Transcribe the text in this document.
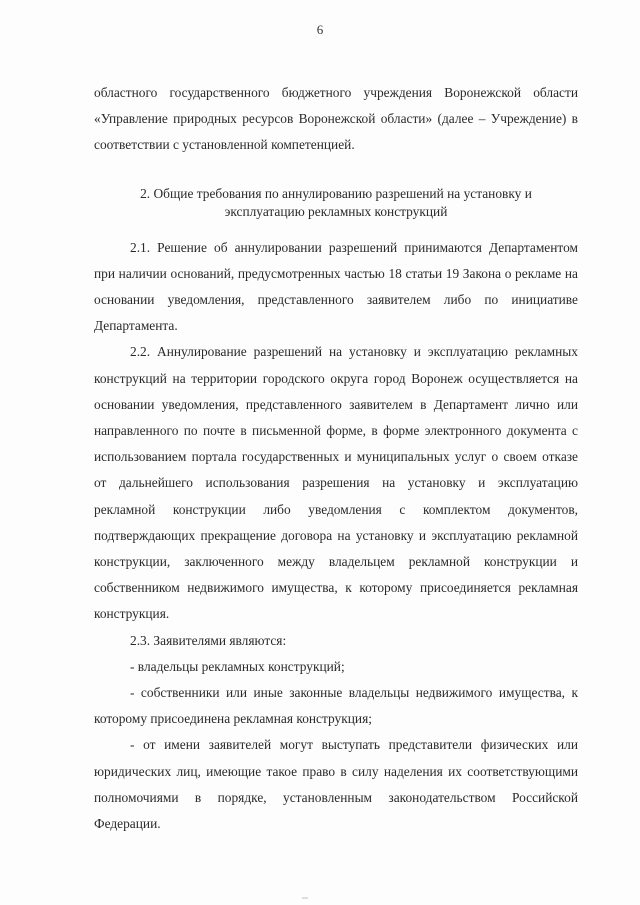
6

областного государственного бюджетного учреждения Воронежской области «Управление природных ресурсов Воронежской области» (далее – Учреждение) в соответствии с установленной компетенцией.

2. Общие требования по аннулированию разрешений на установку и
эксплуатацию рекламных конструкций

2.1. Решение об аннулировании разрешений принимаются Департаментом при наличии оснований, предусмотренных частью 18 статьи 19 Закона о рекламе на основании уведомления, представленного заявителем либо по инициативе Департамента.

2.2. Аннулирование разрешений на установку и эксплуатацию рекламных конструкций на территории городского округа город Воронеж осуществляется на основании уведомления, представленного заявителем в Департамент лично или направленного по почте в письменной форме, в форме электронного документа с использованием портала государственных и муниципальных услуг о своем отказе от дальнейшего использования разрешения на установку и эксплуатацию рекламной конструкции либо уведомления с комплектом документов, подтверждающих прекращение договора на установку и эксплуатацию рекламной конструкции, заключенного между владельцем рекламной конструкции и собственником недвижимого имущества, к которому присоединяется рекламная конструкция.

2.3. Заявителями являются:

- владельцы рекламных конструкций;

- собственники или иные законные владельцы недвижимого имущества, к которому присоединена рекламная конструкция;

- от имени заявителей могут выступать представители физических или юридических лиц, имеющие такое право в силу наделения их соответствующими полномочиями в порядке, установленным законодательством Российской Федерации.
